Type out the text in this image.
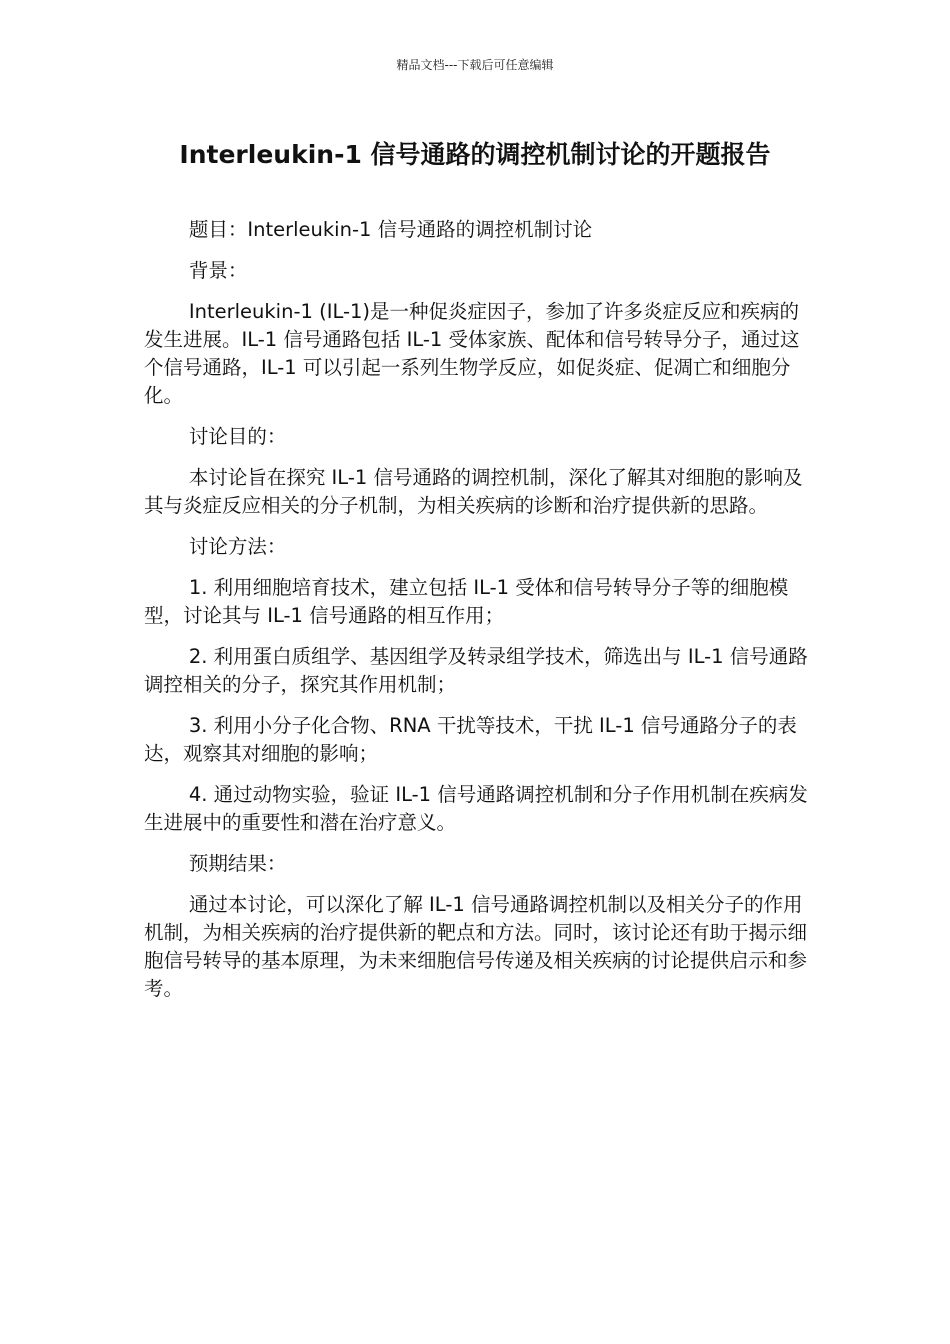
精品文档---下载后可任意编辑
Interleukin-1 信号通路的调控机制讨论的开题报告

题目：Interleukin-1 信号通路的调控机制讨论

背景：

Interleukin-1 (IL-1)是一种促炎症因子，参加了许多炎症反应和疾病的发生进展。IL-1 信号通路包括 IL-1 受体家族、配体和信号转导分子，通过这个信号通路，IL-1 可以引起一系列生物学反应，如促炎症、促凋亡和细胞分化。

讨论目的：

本讨论旨在探究 IL-1 信号通路的调控机制，深化了解其对细胞的影响及其与炎症反应相关的分子机制，为相关疾病的诊断和治疗提供新的思路。

讨论方法：

1. 利用细胞培育技术，建立包括 IL-1 受体和信号转导分子等的细胞模型，讨论其与 IL-1 信号通路的相互作用；

2. 利用蛋白质组学、基因组学及转录组学技术，筛选出与 IL-1 信号通路调控相关的分子，探究其作用机制；

3. 利用小分子化合物、RNA 干扰等技术，干扰 IL-1 信号通路分子的表达，观察其对细胞的影响；

4. 通过动物实验，验证 IL-1 信号通路调控机制和分子作用机制在疾病发生进展中的重要性和潜在治疗意义。

预期结果：

通过本讨论，可以深化了解 IL-1 信号通路调控机制以及相关分子的作用机制，为相关疾病的治疗提供新的靶点和方法。同时，该讨论还有助于揭示细胞信号转导的基本原理，为未来细胞信号传递及相关疾病的讨论提供启示和参考。
